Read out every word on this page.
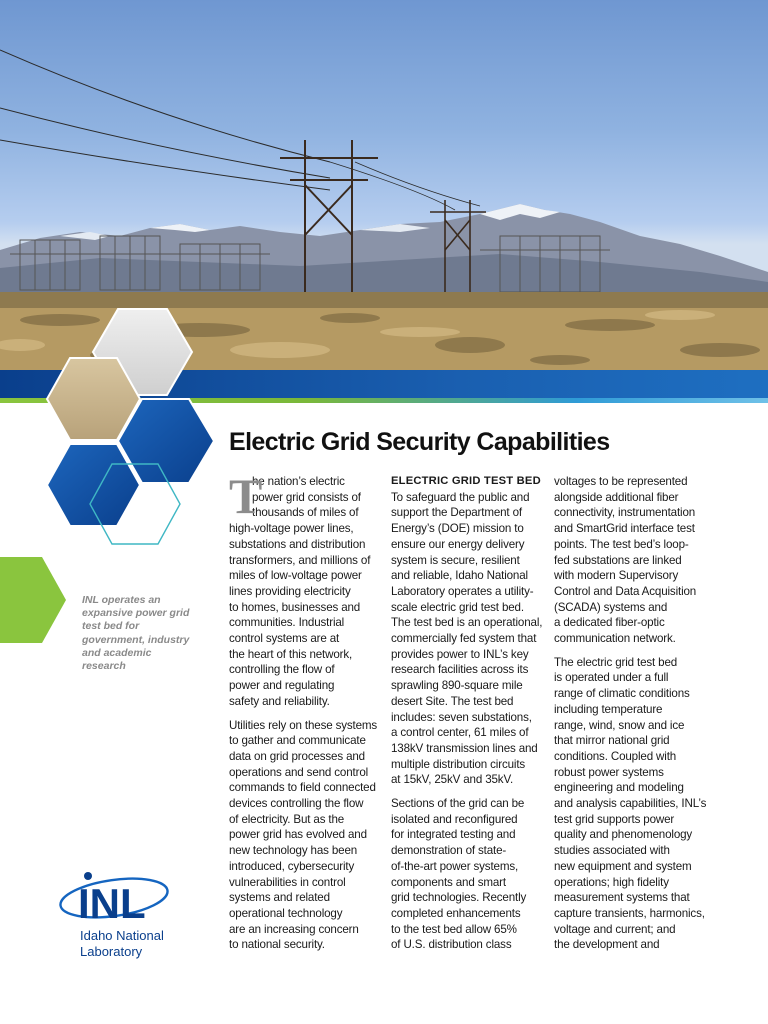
INL operates an expansive power grid test bed for government, industry and academic research
INL
Idaho National
Laboratory
Electric Grid Security Capabilities
T
he nation’s electric
power grid consists of
thousands of miles of

high-voltage power lines,
substations and distribution
transformers, and millions of
miles of low-voltage power
lines providing electricity
to homes, businesses and
communities. Industrial
control systems are at
the heart of this network,
controlling the flow of
power and regulating
safety and reliability.

Utilities rely on these systems
to gather and communicate
data on grid processes and
operations and send control
commands to field connected
devices controlling the flow
of electricity. But as the
power grid has evolved and
new technology has been
introduced, cybersecurity
vulnerabilities in control
systems and related
operational technology
are an increasing concern
to national security.

ELECTRIC GRID TEST BED

To safeguard the public and
support the Department of
Energy’s (DOE) mission to
ensure our energy delivery
system is secure, resilient
and reliable, Idaho National
Laboratory operates a utility-
scale electric grid test bed.
The test bed is an operational,
commercially fed system that
provides power to INL’s key
research facilities across its
sprawling 890-square mile
desert Site. The test bed
includes: seven substations,
a control center, 61 miles of
138kV transmission lines and
multiple distribution circuits
at 15kV, 25kV and 35kV.

Sections of the grid can be
isolated and reconfigured
for integrated testing and
demonstration of state-
of-the-art power systems,
components and smart
grid technologies. Recently
completed enhancements
to the test bed allow 65%
of U.S. distribution class

voltages to be represented
alongside additional fiber
connectivity, instrumentation
and SmartGrid interface test
points. The test bed’s loop-
fed substations are linked
with modern Supervisory
Control and Data Acquisition
(SCADA) systems and
a dedicated fiber-optic
communication network.

The electric grid test bed
is operated under a full
range of climatic conditions
including temperature
range, wind, snow and ice
that mirror national grid
conditions. Coupled with
robust power systems
engineering and modeling
and analysis capabilities, INL’s
test grid supports power
quality and phenomenology
studies associated with
new equipment and system
operations; high fidelity
measurement systems that
capture transients, harmonics,
voltage and current; and
the development and
